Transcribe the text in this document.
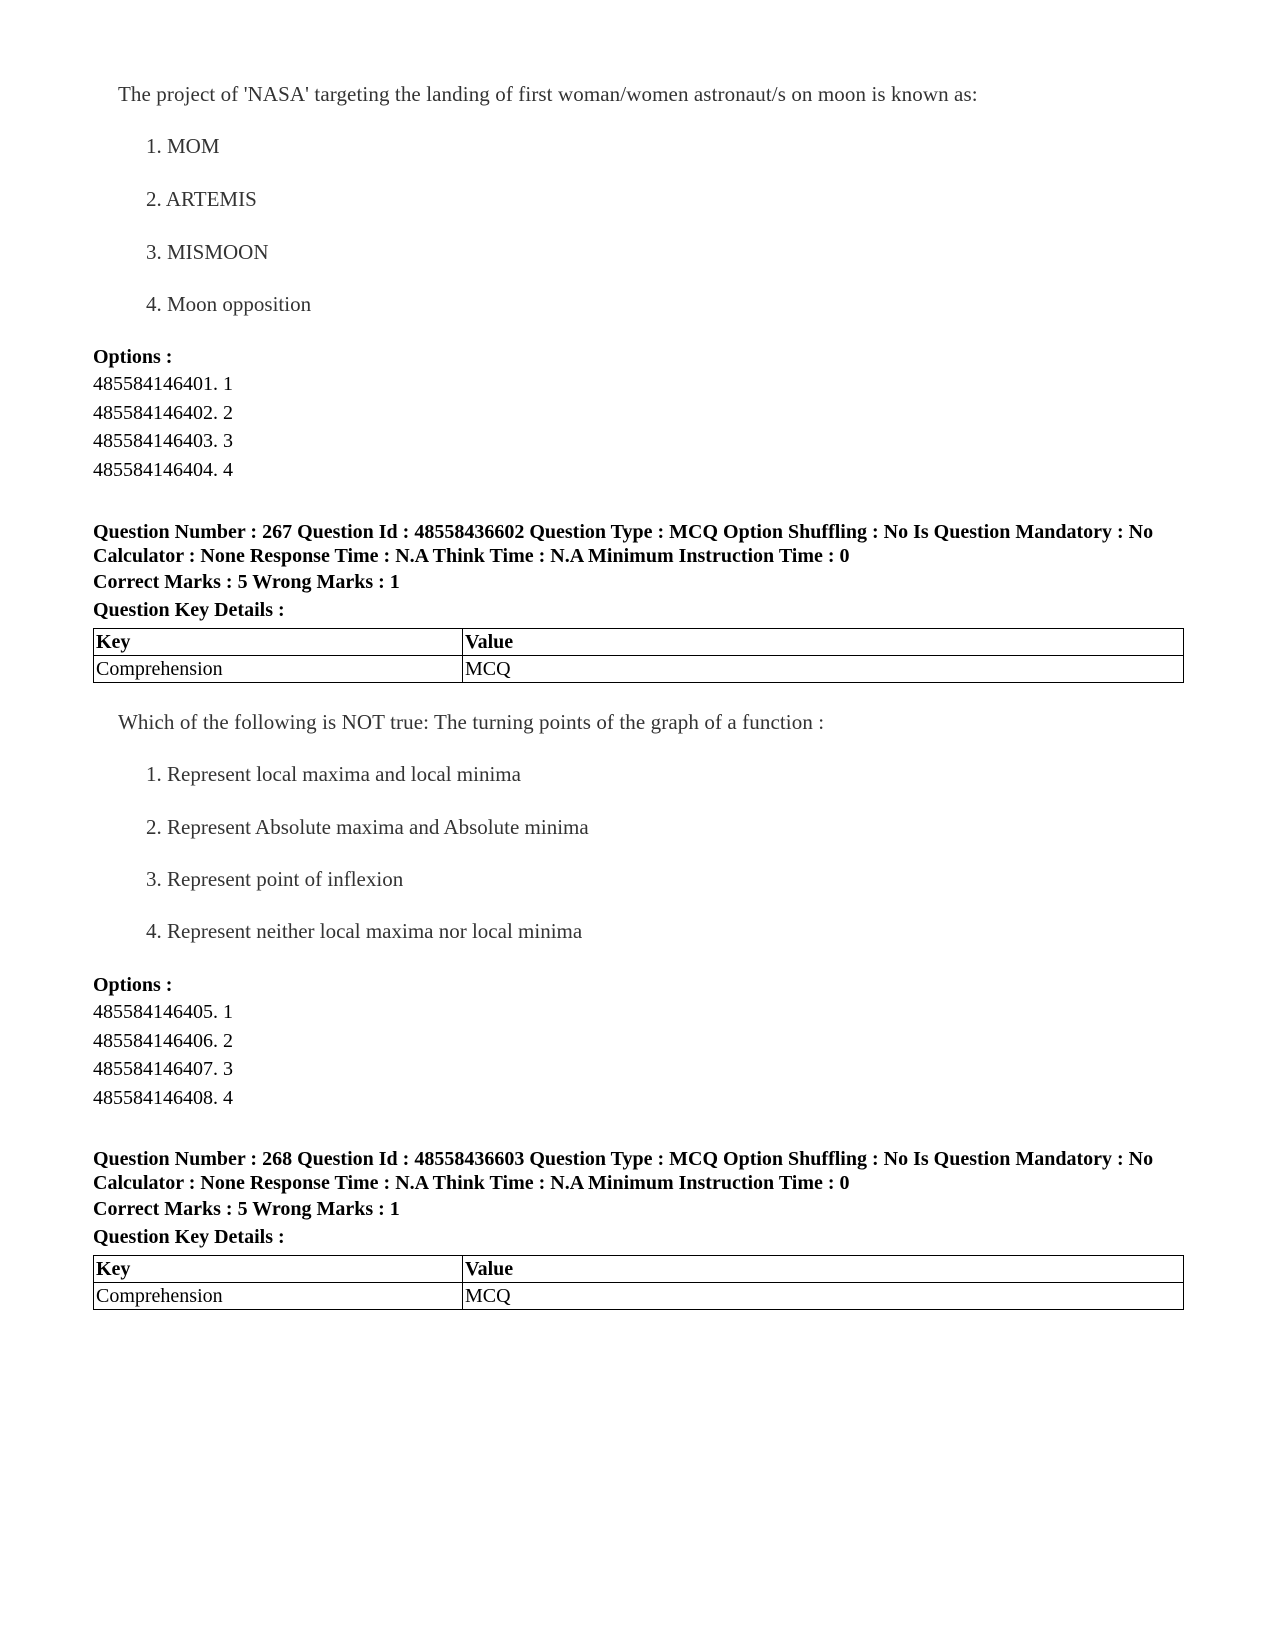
The project of 'NASA' targeting the landing of first woman/women astronaut/s on moon is known as:
1. MOM
2. ARTEMIS
3. MISMOON
4. Moon opposition
Options :
485584146401. 1
485584146402. 2
485584146403. 3
485584146404. 4
Question Number : 267 Question Id : 48558436602 Question Type : MCQ Option Shuffling : No Is Question Mandatory : No Calculator : None Response Time : N.A Think Time : N.A Minimum Instruction Time : 0
Correct Marks : 5 Wrong Marks : 1
Question Key Details :
Key	Value
Comprehension	MCQ
Which of the following is NOT true: The turning points of the graph of a function :
1. Represent local maxima and local minima
2. Represent Absolute maxima and Absolute minima
3. Represent point of inflexion
4. Represent neither local maxima nor local minima
Options :
485584146405. 1
485584146406. 2
485584146407. 3
485584146408. 4
Question Number : 268 Question Id : 48558436603 Question Type : MCQ Option Shuffling : No Is Question Mandatory : No Calculator : None Response Time : N.A Think Time : N.A Minimum Instruction Time : 0
Correct Marks : 5 Wrong Marks : 1
Question Key Details :
Key	Value
Comprehension	MCQ
